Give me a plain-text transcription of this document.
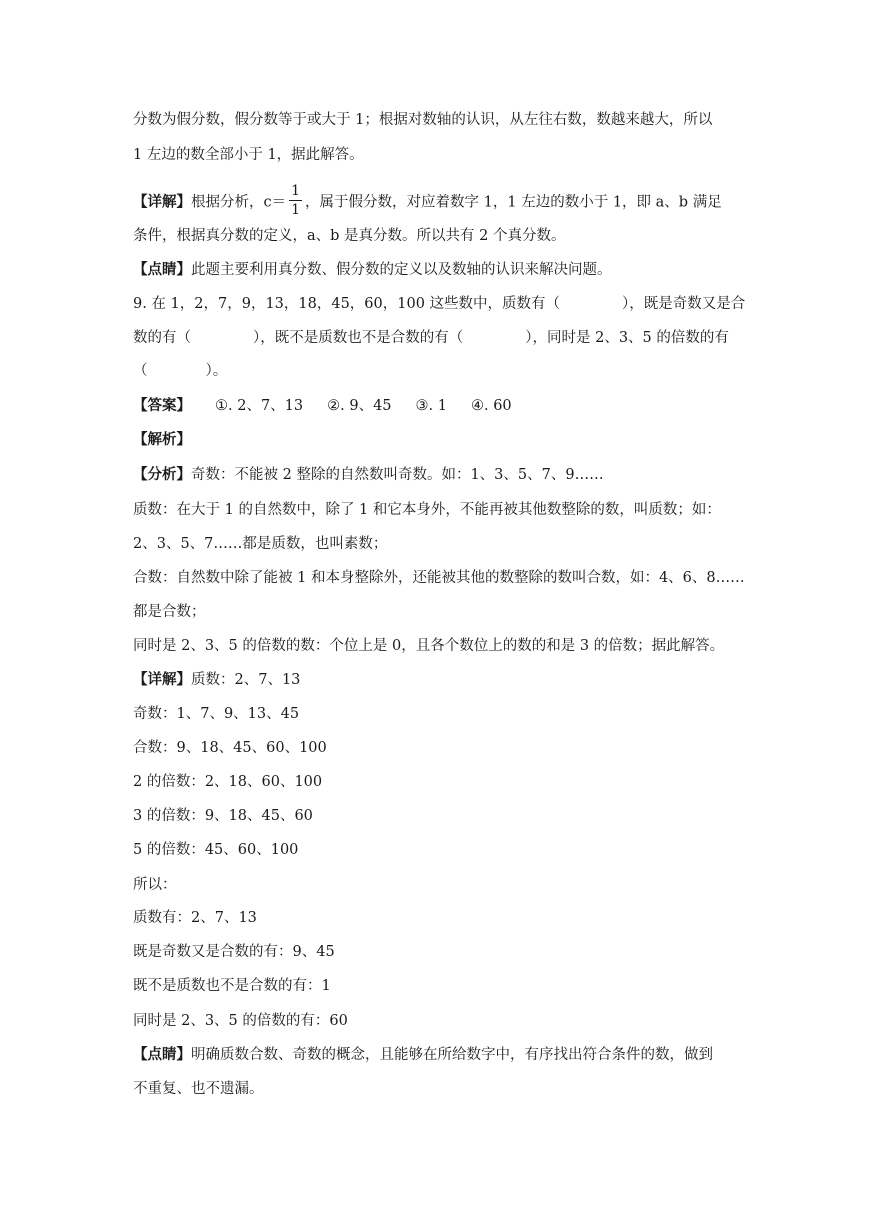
分数为假分数，假分数等于或大于 1；根据对数轴的认识，从左往右数，数越来越大，所以
1 左边的数全部小于 1，据此解答。
【详解】根据分析，$c= \frac{1}{1}$ ，属于假分数，对应着数字 1，1 左边的数小于 1，即 a、b 满足
条件，根据真分数的定义，a、b 是真分数。所以共有 2 个真分数。
【点睛】此题主要利用真分数、假分数的定义以及数轴的认识来解决问题。
9. 在 1，2，7，9，13，18，45，60，100 这些数中，质数有（	），既是奇数又是合
数的有（	），既不是质数也不是合数的有（	），同时是 2、3、5 的倍数的有
（	）。
【答案】 ①. 2、7、13 ②. 9、45 ③. 1 ④. 60
【解析】
【分析】奇数：不能被 2 整除的自然数叫奇数。如：1、3、5、7、9……
质数：在大于 1 的自然数中，除了 1 和它本身外，不能再被其他数整除的数，叫质数；如：
2、3、5、7……都是质数，也叫素数；
合数：自然数中除了能被 1 和本身整除外，还能被其他的数整除的数叫合数，如：4、6、8……
都是合数；
同时是 2、3、5 的倍数的数：个位上是 0，且各个数位上的数的和是 3 的倍数；据此解答。
【详解】质数：2、7、13
奇数：1、7、9、13、45
合数：9、18、45、60、100
2 的倍数：2、18、60、100
3 的倍数：9、18、45、60
5 的倍数：45、60、100
所以：
质数有：2、7、13
既是奇数又是合数的有：9、45
既不是质数也不是合数的有：1
同时是 2、3、5 的倍数的有：60
【点睛】明确质数合数、奇数的概念，且能够在所给数字中，有序找出符合条件的数，做到
不重复、也不遗漏。
